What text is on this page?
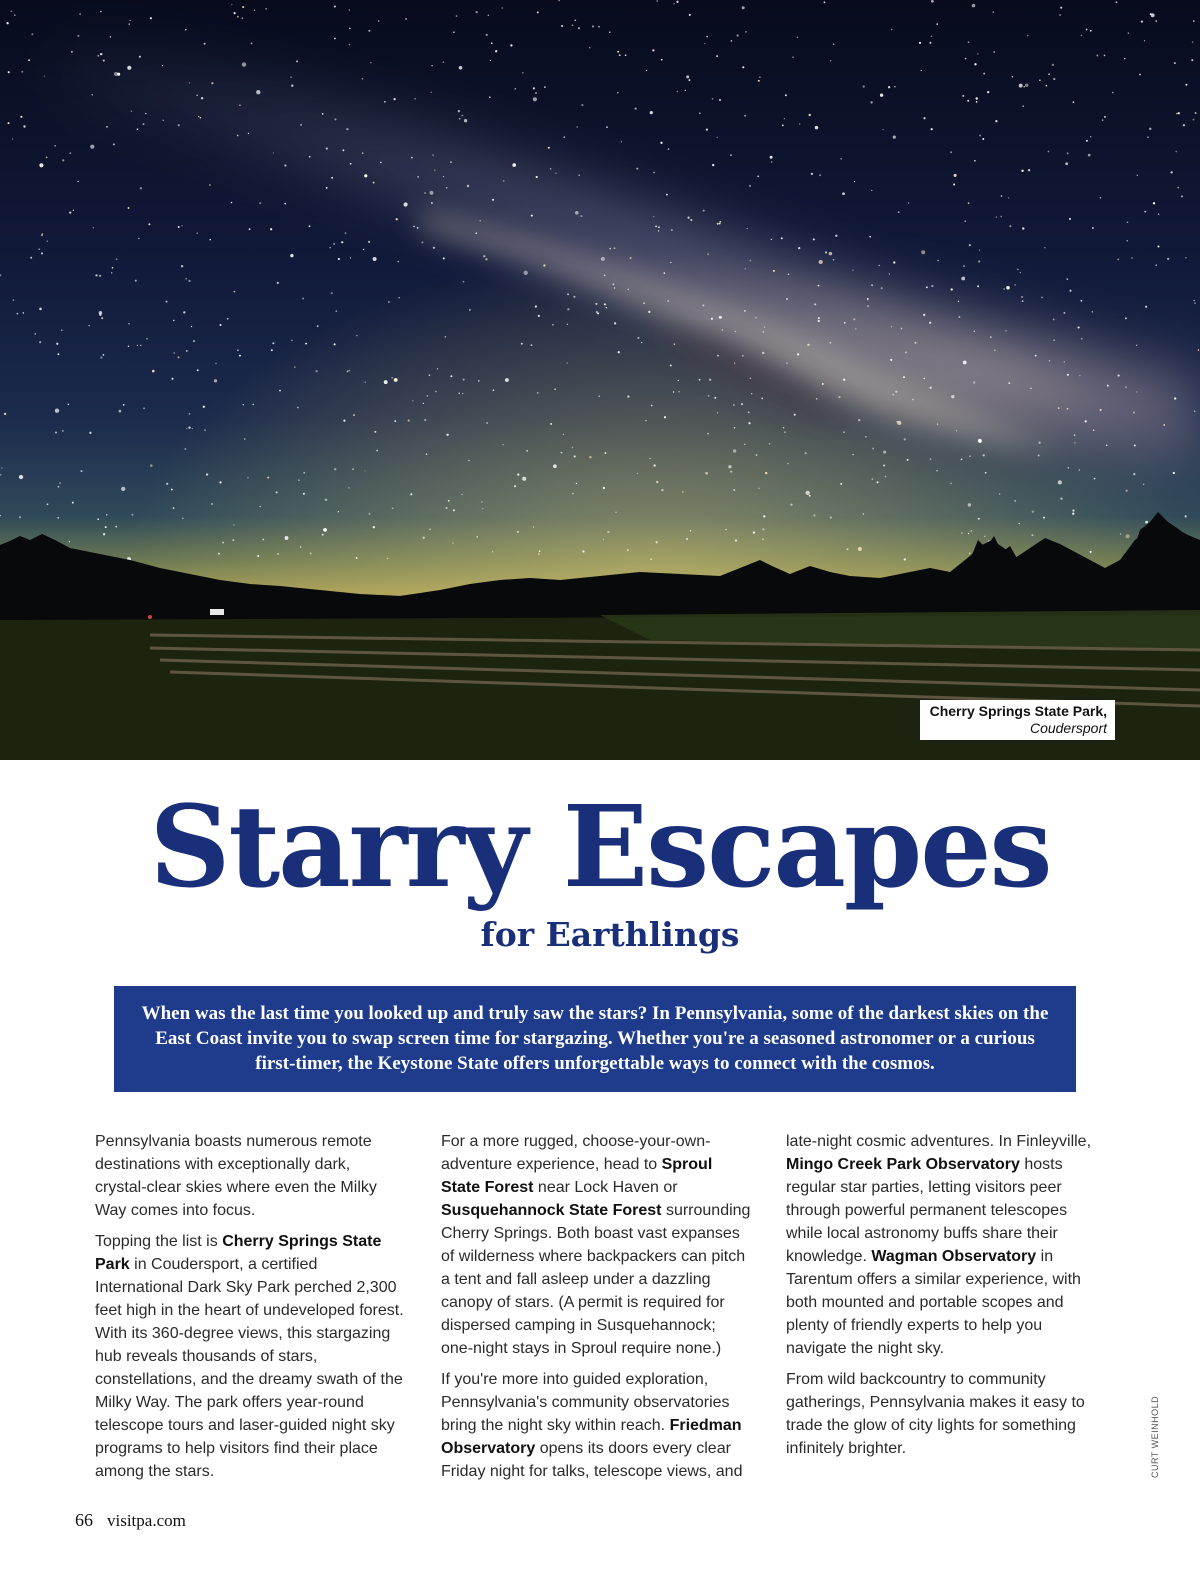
Cherry Springs State Park,
Coudersport
Starry Escapes
for Earthlings

When was the last time you looked up and truly saw the stars? In Pennsylvania, some of the darkest skies on the East Coast invite you to swap screen time for stargazing. Whether you're a seasoned astronomer or a curious first-timer, the Keystone State offers unforgettable ways to connect with the cosmos.

Pennsylvania boasts numerous remote destinations with exceptionally dark, crystal-clear skies where even the Milky Way comes into focus.

Topping the list is Cherry Springs State Park in Coudersport, a certified International Dark Sky Park perched 2,300 feet high in the heart of undeveloped forest. With its 360-degree views, this stargazing hub reveals thousands of stars, constellations, and the dreamy swath of the Milky Way. The park offers year-round telescope tours and laser-guided night sky programs to help visitors find their place among the stars.

For a more rugged, choose-your-own-adventure experience, head to Sproul State Forest near Lock Haven or Susquehannock State Forest surrounding Cherry Springs. Both boast vast expanses of wilderness where backpackers can pitch a tent and fall asleep under a dazzling canopy of stars. (A permit is required for dispersed camping in Susquehannock; one-night stays in Sproul require none.)

If you're more into guided exploration, Pennsylvania's community observatories bring the night sky within reach. Friedman Observatory opens its doors every clear Friday night for talks, telescope views, and

late-night cosmic adventures. In Finleyville, Mingo Creek Park Observatory hosts regular star parties, letting visitors peer through powerful permanent telescopes while local astronomy buffs share their knowledge. Wagman Observatory in Tarentum offers a similar experience, with both mounted and portable scopes and plenty of friendly experts to help you navigate the night sky.

From wild backcountry to community gatherings, Pennsylvania makes it easy to trade the glow of city lights for something infinitely brighter.

66 visitpa.com
CURT WEINHOLD
